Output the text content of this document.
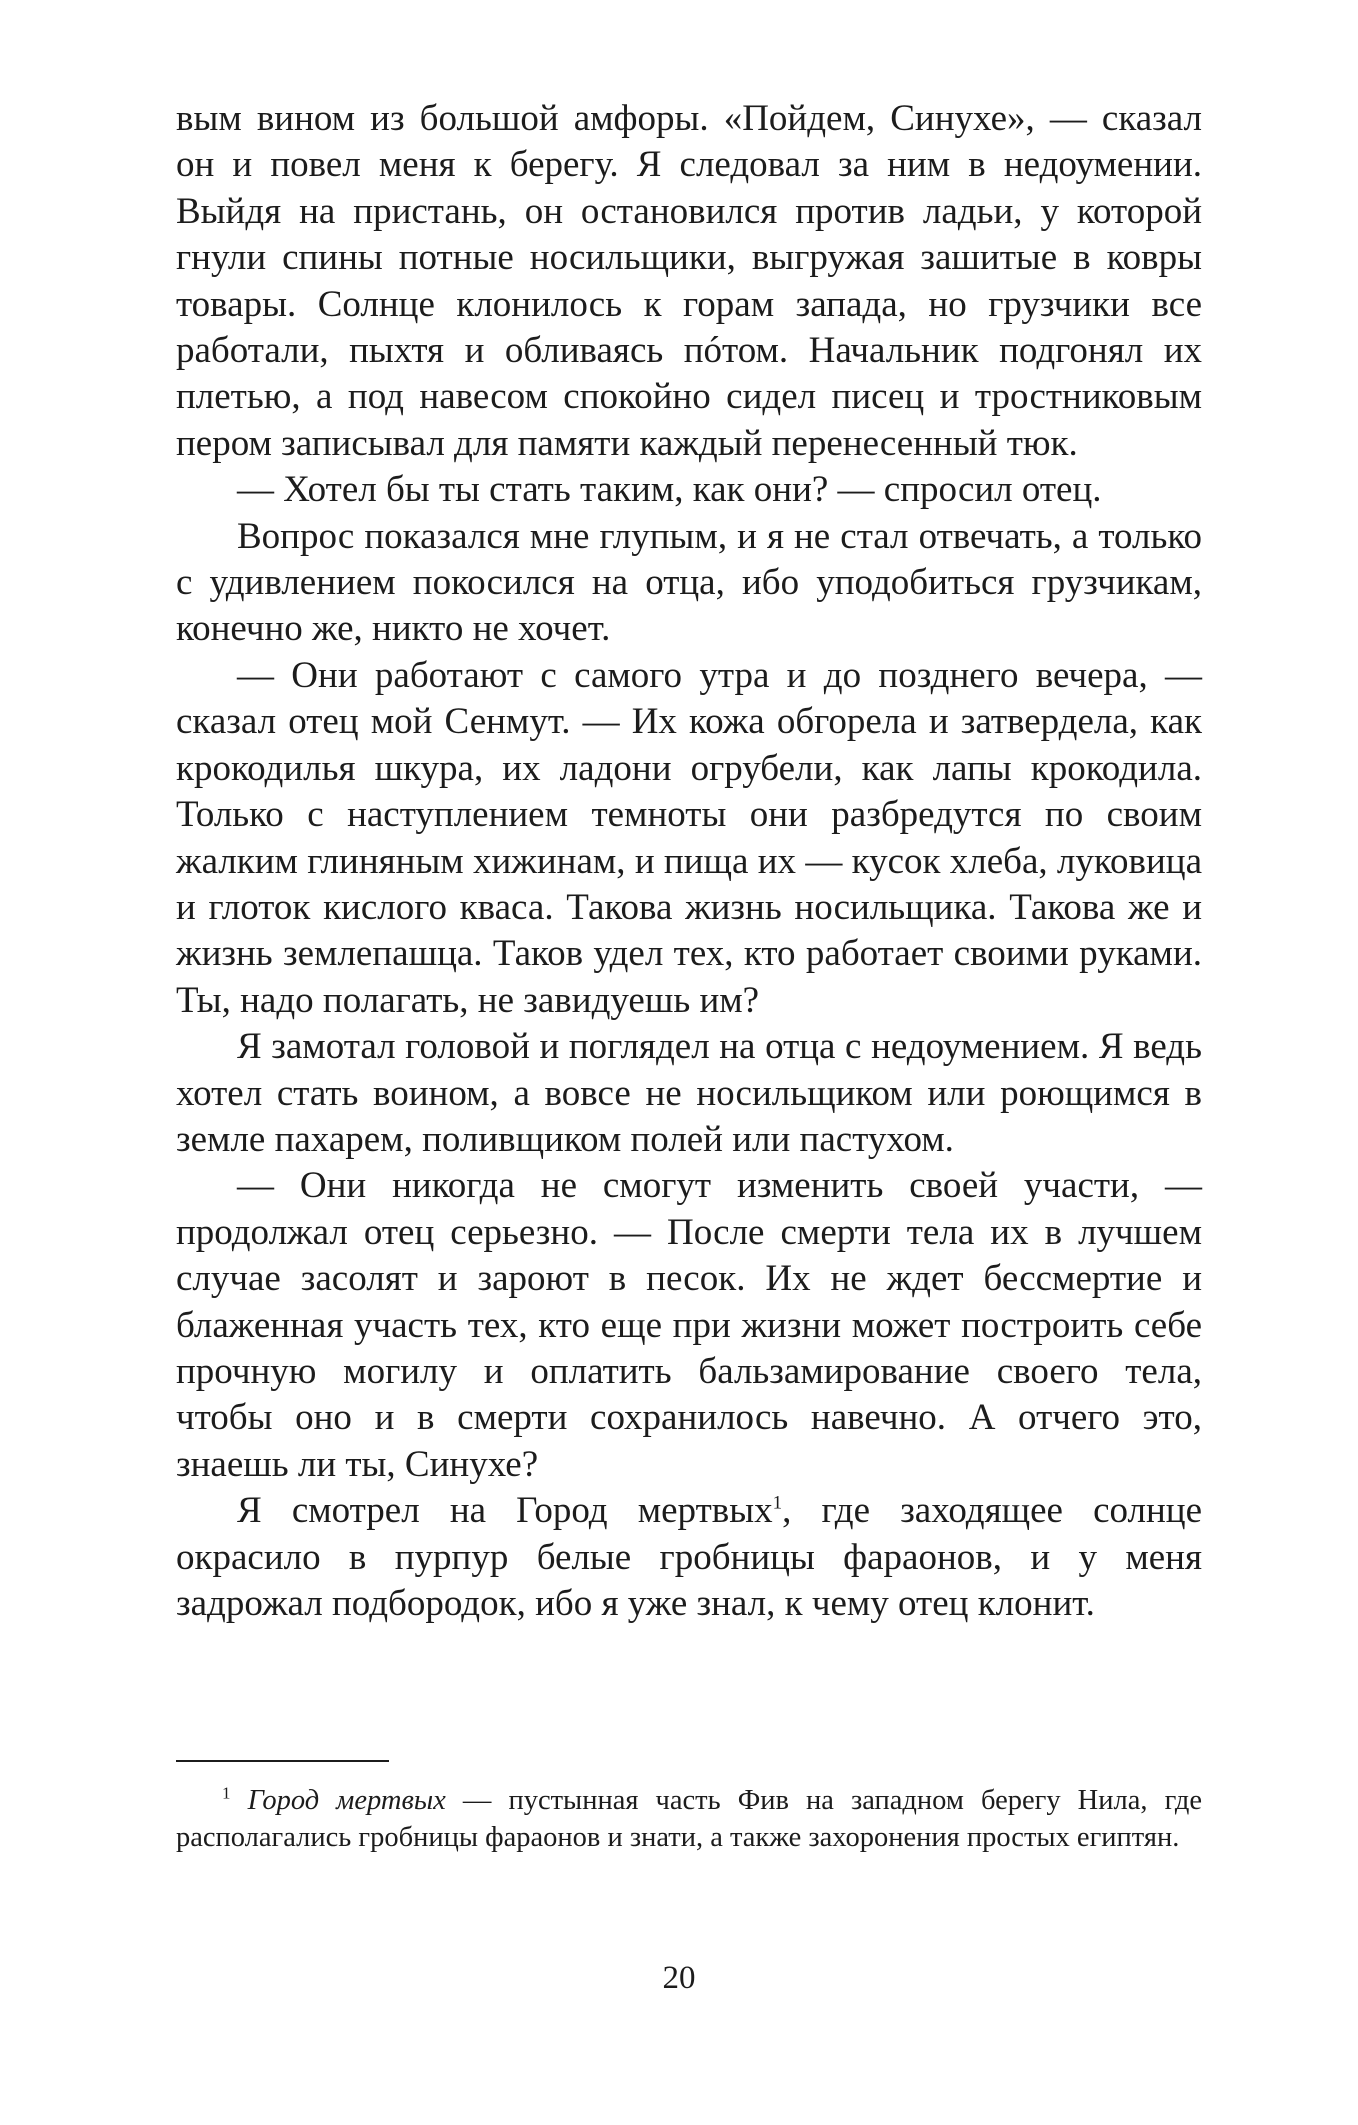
вым вином из большой амфоры. «Пойдем, Синухе», — сказал он и повел меня к берегу. Я следовал за ним в недоумении. Выйдя на пристань, он остановился против ладьи, у которой гнули спины потные носильщики, выгружая зашитые в ковры товары. Солнце клонилось к горам запада, но грузчики все работали, пыхтя и обливаясь пóтом. Начальник подгонял их плетью, а под навесом спокойно сидел писец и тростниковым пером записывал для памяти каждый перенесенный тюк.

— Хотел бы ты стать таким, как они? — спросил отец.

Вопрос показался мне глупым, и я не стал отвечать, а только с удивлением покосился на отца, ибо уподобиться грузчикам, конечно же, никто не хочет.

— Они работают с самого утра и до позднего вечера, — сказал отец мой Сенмут. — Их кожа обгорела и затвердела, как крокодилья шкура, их ладони огрубели, как лапы крокодила. Только с наступлением темноты они разбредутся по своим жалким глиняным хижинам, и пища их — кусок хлеба, луковица и глоток кислого кваса. Такова жизнь носильщика. Такова же и жизнь землепашца. Таков удел тех, кто работает своими руками. Ты, надо полагать, не завидуешь им?

Я замотал головой и поглядел на отца с недоумением. Я ведь хотел стать воином, а вовсе не носильщиком или роющимся в земле пахарем, поливщиком полей или пастухом.

— Они никогда не смогут изменить своей участи, — продолжал отец серьезно. — После смерти тела их в лучшем случае засолят и зароют в песок. Их не ждет бессмертие и блаженная участь тех, кто еще при жизни может построить себе прочную могилу и оплатить бальзамирование своего тела, чтобы оно и в смерти сохранилось навечно. А отчего это, знаешь ли ты, Синухе?

Я смотрел на Город мертвых$^1$, где заходящее солнце окрасило в пурпур белые гробницы фараонов, и у меня задрожал подбородок, ибо я уже знал, к чему отец клонит.

$^1$ Город мертвых — пустынная часть Фив на западном берегу Нила, где располагались гробницы фараонов и знати, а также захоронения простых египтян.
20
